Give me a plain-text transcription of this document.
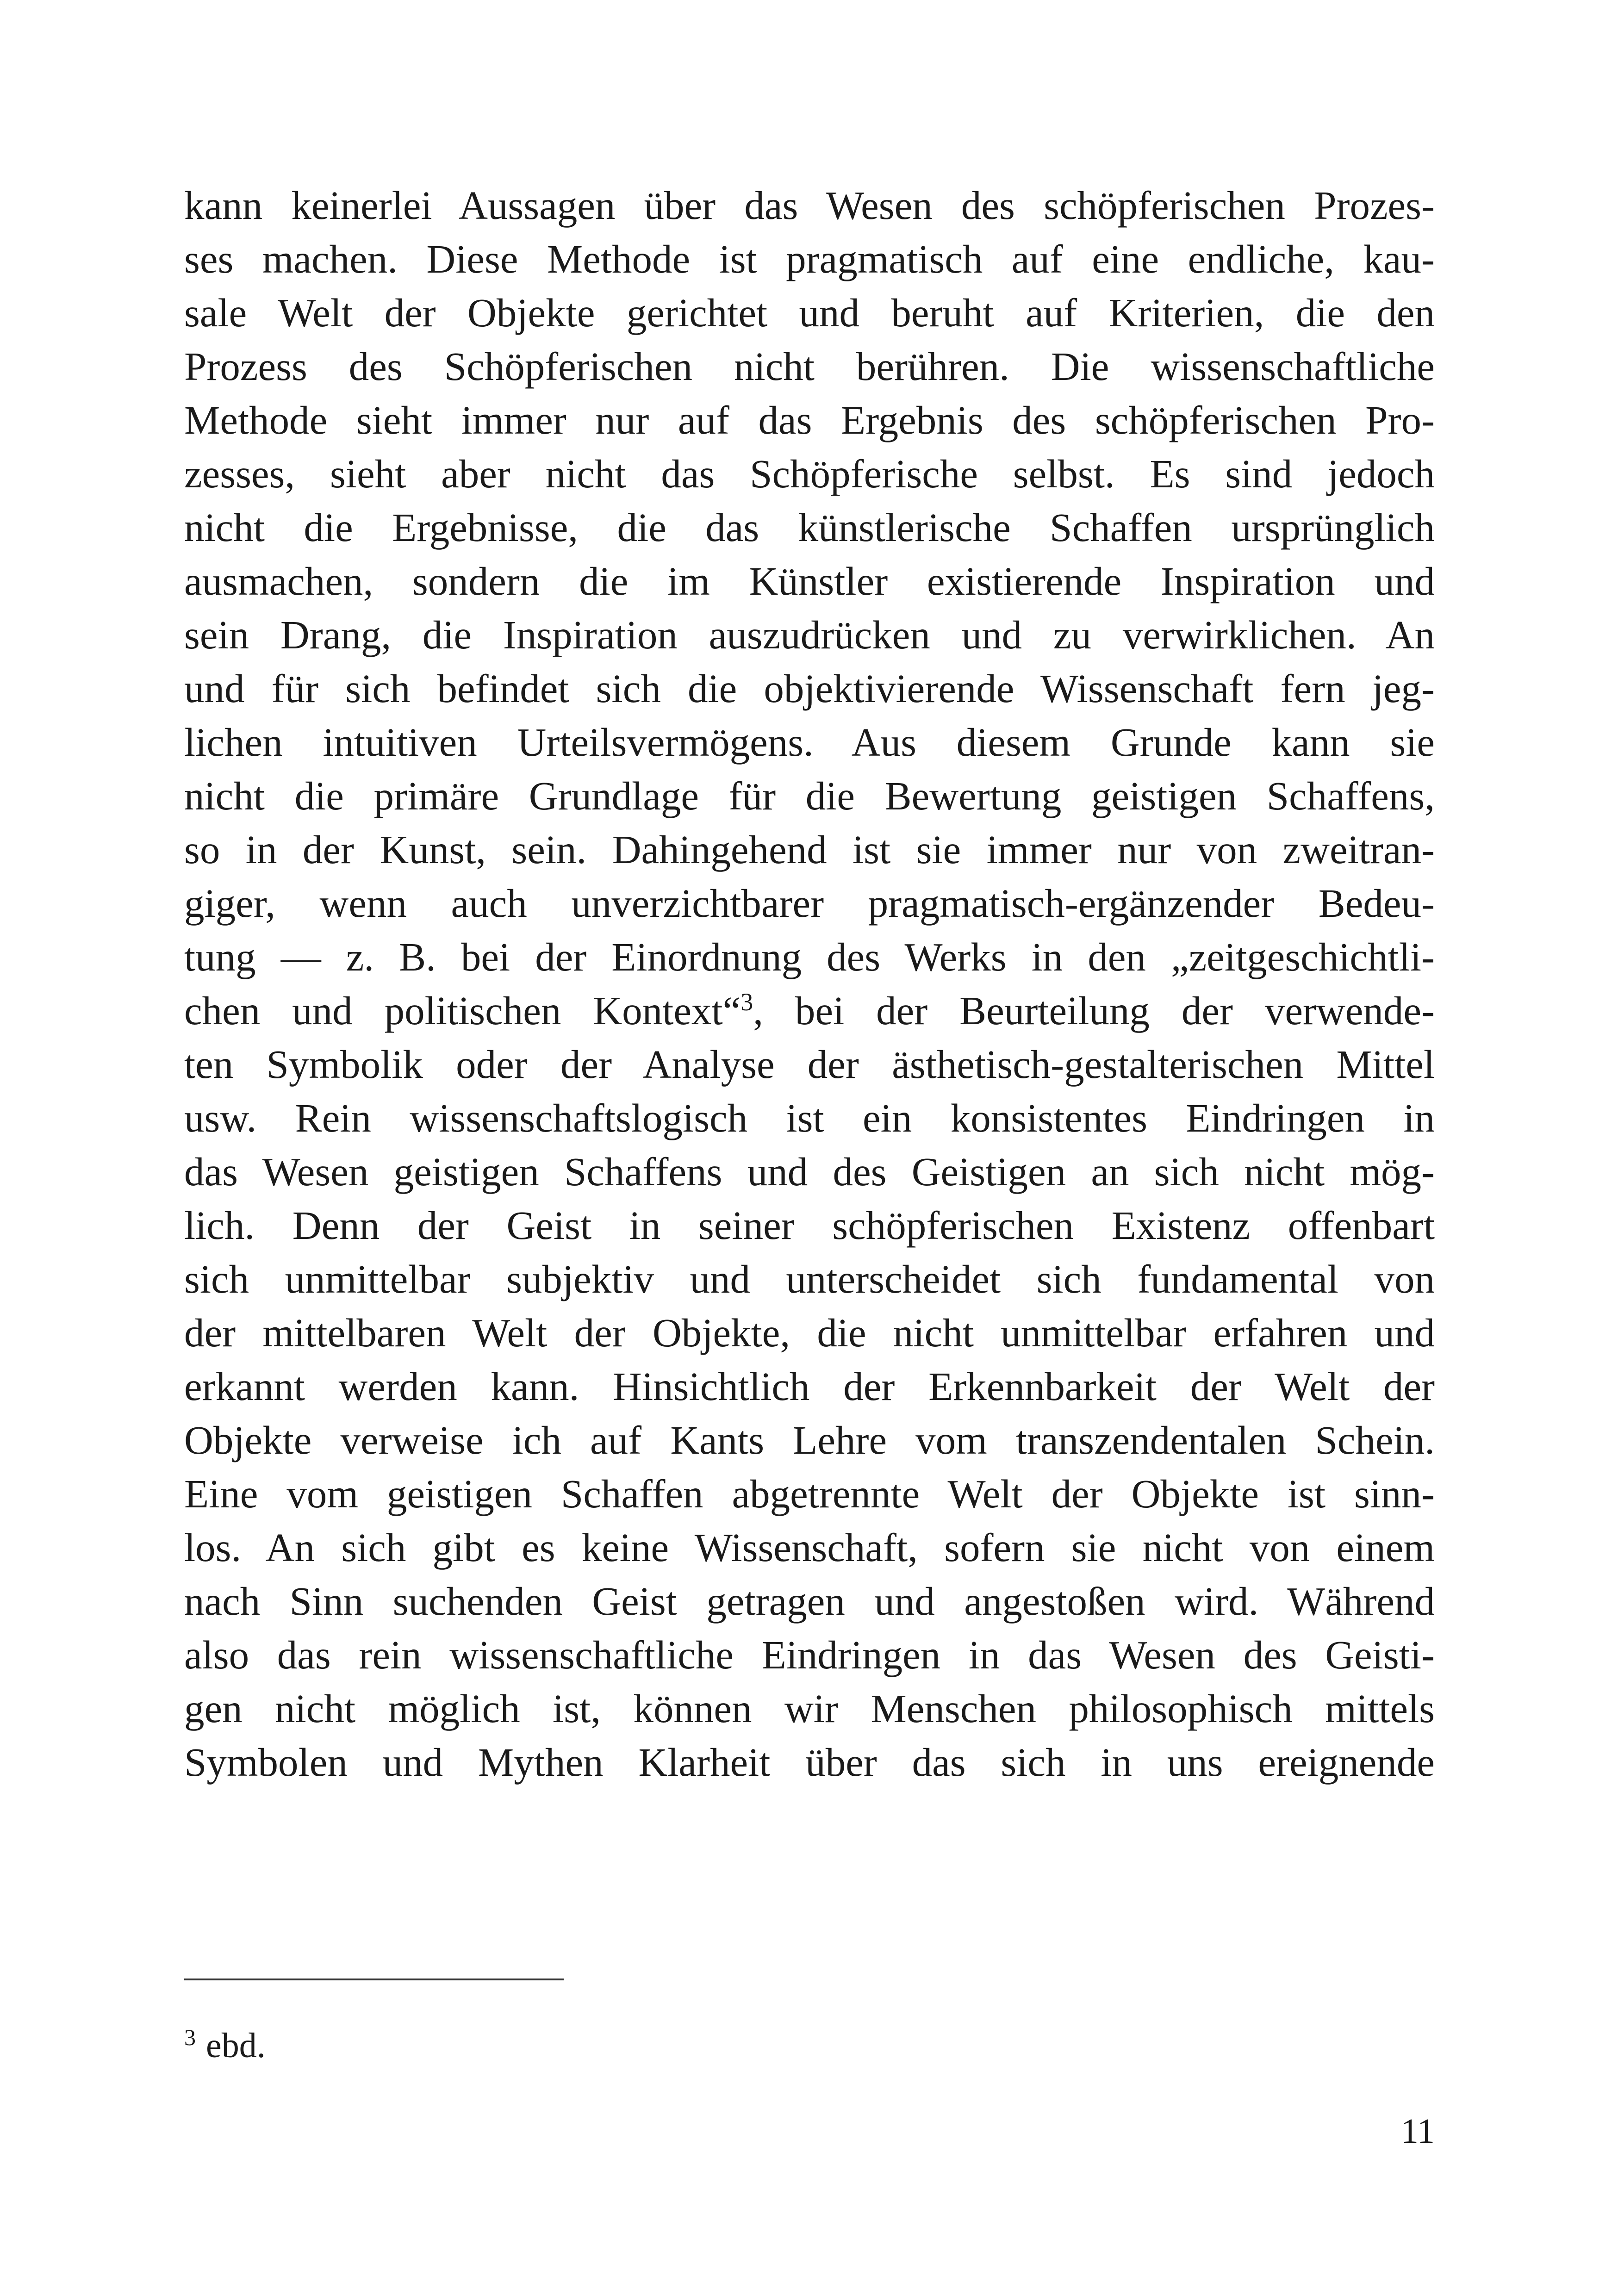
kann keinerlei Aussagen über das Wesen des schöpferischen Prozes-
ses machen. Diese Methode ist pragmatisch auf eine endliche, kau-
sale Welt der Objekte gerichtet und beruht auf Kriterien, die den
Prozess des Schöpferischen nicht berühren. Die wissenschaftliche
Methode sieht immer nur auf das Ergebnis des schöpferischen Pro-
zesses, sieht aber nicht das Schöpferische selbst. Es sind jedoch
nicht die Ergebnisse, die das künstlerische Schaffen ursprünglich
ausmachen, sondern die im Künstler existierende Inspiration und
sein Drang, die Inspiration auszudrücken und zu verwirklichen. An
und für sich befindet sich die objektivierende Wissenschaft fern jeg-
lichen intuitiven Urteilsvermögens. Aus diesem Grunde kann sie
nicht die primäre Grundlage für die Bewertung geistigen Schaffens,
so in der Kunst, sein. Dahingehend ist sie immer nur von zweitran-
giger, wenn auch unverzichtbarer pragmatisch-ergänzender Bedeu-
tung — z. B. bei der Einordnung des Werks in den „zeitgeschichtli-
chen und politischen Kontext“$^3$, bei der Beurteilung der verwende-
ten Symbolik oder der Analyse der ästhetisch-gestalterischen Mittel
usw. Rein wissenschaftslogisch ist ein konsistentes Eindringen in
das Wesen geistigen Schaffens und des Geistigen an sich nicht mög-
lich. Denn der Geist in seiner schöpferischen Existenz offenbart
sich unmittelbar subjektiv und unterscheidet sich fundamental von
der mittelbaren Welt der Objekte, die nicht unmittelbar erfahren und
erkannt werden kann. Hinsichtlich der Erkennbarkeit der Welt der
Objekte verweise ich auf Kants Lehre vom transzendentalen Schein.
Eine vom geistigen Schaffen abgetrennte Welt der Objekte ist sinn-
los. An sich gibt es keine Wissenschaft, sofern sie nicht von einem
nach Sinn suchenden Geist getragen und angestoßen wird. Während
also das rein wissenschaftliche Eindringen in das Wesen des Geisti-
gen nicht möglich ist, können wir Menschen philosophisch mittels
Symbolen und Mythen Klarheit über das sich in uns ereignende
$^3$ ebd.
11
